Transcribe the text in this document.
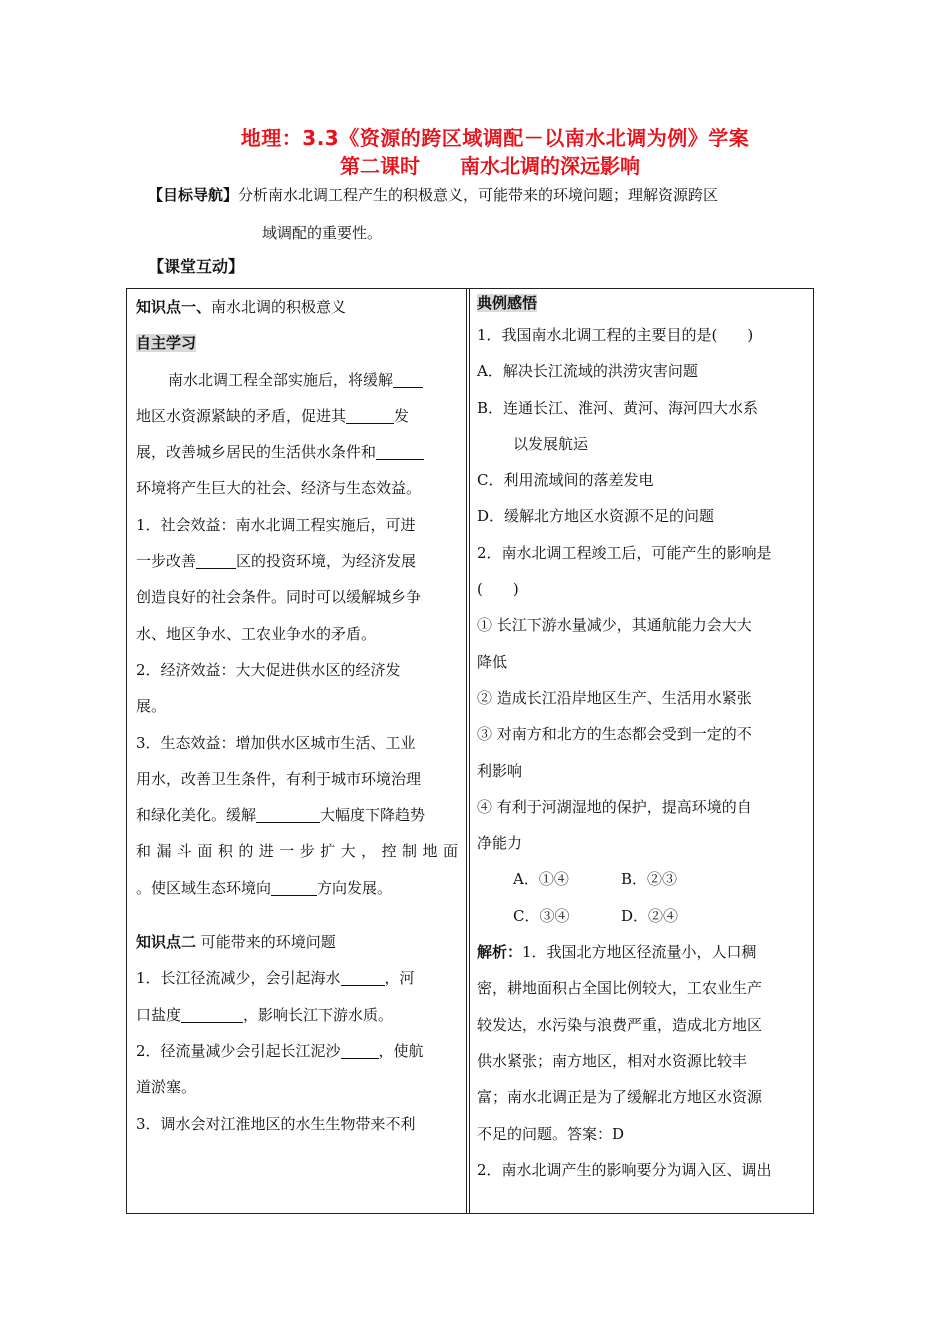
地理：3.3《资源的跨区域调配－以南水北调为例》学案
第二课时 南水北调的深远影响
【目标导航】分析南水北调工程产生的积极意义，可能带来的环境问题；理解资源跨区
域调配的重要性。
【课堂互动】

知识点一、南水北调的积极意义

自主学习

南水北调工程全部实施后，将缓解

地区水资源紧缺的矛盾，促进其	发

展，改善城乡居民的生活供水条件和

环境将产生巨大的社会、经济与生态效益。

1．社会效益：南水北调工程实施后，可进

一步改善	区的投资环境，为经济发展

创造良好的社会条件。同时可以缓解城乡争

水、地区争水、工农业争水的矛盾。

2．经济效益：大大促进供水区的经济发

展。

3．生态效益：增加供水区城市生活、工业

用水，改善卫生条件，有利于城市环境治理

和绿化美化。缓解	大幅度下降趋势

和漏斗面积的进一步扩大，控制地面

。使区域生态环境向	方向发展。

知识点二 可能带来的环境问题

1．长江径流减少，会引起海水	，河

口盐度	，影响长江下游水质。

2．径流量减少会引起长江泥沙	，使航

道淤塞。

3．调水会对江淮地区的水生生物带来不利

典例感悟

1．我国南水北调工程的主要目的是(　　)

A．解决长江流域的洪涝灾害问题

B．连通长江、淮河、黄河、海河四大水系

以发展航运

C．利用流域间的落差发电

D．缓解北方地区水资源不足的问题

2．南水北调工程竣工后，可能产生的影响是

(　　)

① 长江下游水量减少，其通航能力会大大

降低

② 造成长江沿岸地区生产、生活用水紧张

③ 对南方和北方的生态都会受到一定的不

利影响

④ 有利于河湖湿地的保护，提高环境的自

净能力

A．①④	B．②③

C．③④	D．②④

解析：1．我国北方地区径流量小，人口稠

密，耕地面积占全国比例较大，工农业生产

较发达，水污染与浪费严重，造成北方地区

供水紧张；南方地区，相对水资源比较丰

富；南水北调正是为了缓解北方地区水资源

不足的问题。答案：D

2．南水北调产生的影响要分为调入区、调出
